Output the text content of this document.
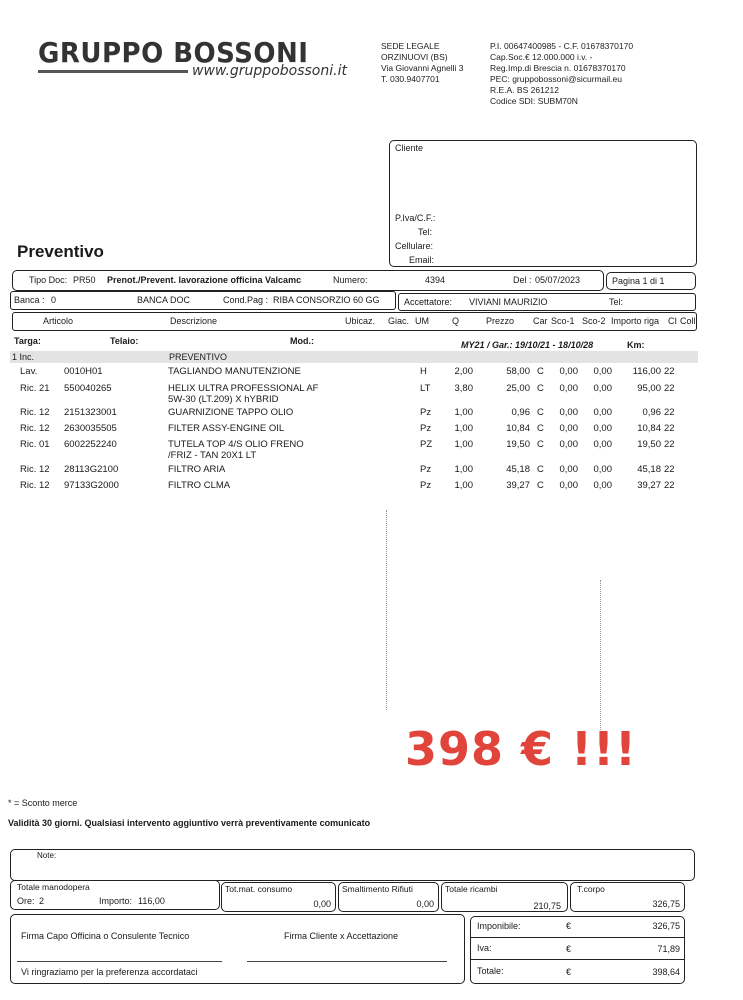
GRUPPO BOSSONI
www.gruppobossoni.it
SEDE LEGALE
ORZINUOVI (BS)
Via Giovanni Agnelli 3
T. 030.9407701
P.I. 00647400985 - C.F. 01678370170
Cap.Soc.€ 12.000.000 i.v. -
Reg.Imp.di Brescia n. 01678370170
PEC: gruppobossoni@sicurmail.eu
R.E.A. BS 261212
Codice SDI: SUBM70N
Cliente
P.Iva/C.F.:
Tel:
Cellulare:
Email:
Preventivo
Tipo Doc: PR50 Prenot./Prevent. lavorazione officina Valcamc	Numero:	4394	Del : 05/07/2023	Pagina 1 di 1
Banca : 0	BANCA DOC	Cond.Pag : RIBA CONSORZIO 60 GG	Accettatore: VIVIANI MAURIZIO	Tel:
Articolo	Descrizione	Ubicaz. Giac. UM	Q	Prezzo Car Sco-1 Sco-2 Importo riga CI Colli
Targa:	Telaio:	Mod.:	MY21 / Gar.: 19/10/21 - 18/10/28	Km:
1 Inc.	PREVENTIVO
Lav.	0010H01	TAGLIANDO MANUTENZIONE	H	2,00	58,00 C 0,00 0,00 116,00 22
Ric. 21 550040265	HELIX ULTRA PROFESSIONAL AF	LT	3,80	25,00 C 0,00 0,00	95,00 22
5W-30 (LT.209) X hYBRID
Ric. 12 2151323001	GUARNIZIONE TAPPO OLIO	Pz 1,00	0,96 C 0,00 0,00	0,96 22
Ric. 12 2630035505	FILTER ASSY-ENGINE OIL	Pz 1,00	10,84 C 0,00 0,00	10,84 22
Ric. 01 6002252240	TUTELA TOP 4/S OLIO FRENO	PZ 1,00	19,50 C 0,00 0,00	19,50 22
/FRIZ - TAN 20X1 LT
Ric. 12 28113G2100	FILTRO ARIA	Pz 1,00	45,18 C 0,00 0,00	45,18 22
Ric. 12 97133G2000	FILTRO CLMA	Pz 1,00	39,27 C 0,00 0,00	39,27 22
398 € !!!
* = Sconto merce
Validità 30 giorni. Qualsiasi intervento aggiuntivo verrà preventivamente comunicato
Note:
Totale manodopera
Ore: 2	Importo: 116,00
Tot.mat. consumo
0,00
Smaltimento Rifiuti
0,00
Totale ricambi
210,75
T.corpo
326,75
Firma Capo Officina o Consulente Tecnico	Firma Cliente x Accettazione
Vi ringraziamo per la preferenza accordataci
Imponibile:	€	326,75
Iva:	€	71,89
Totale:	€	398,64
